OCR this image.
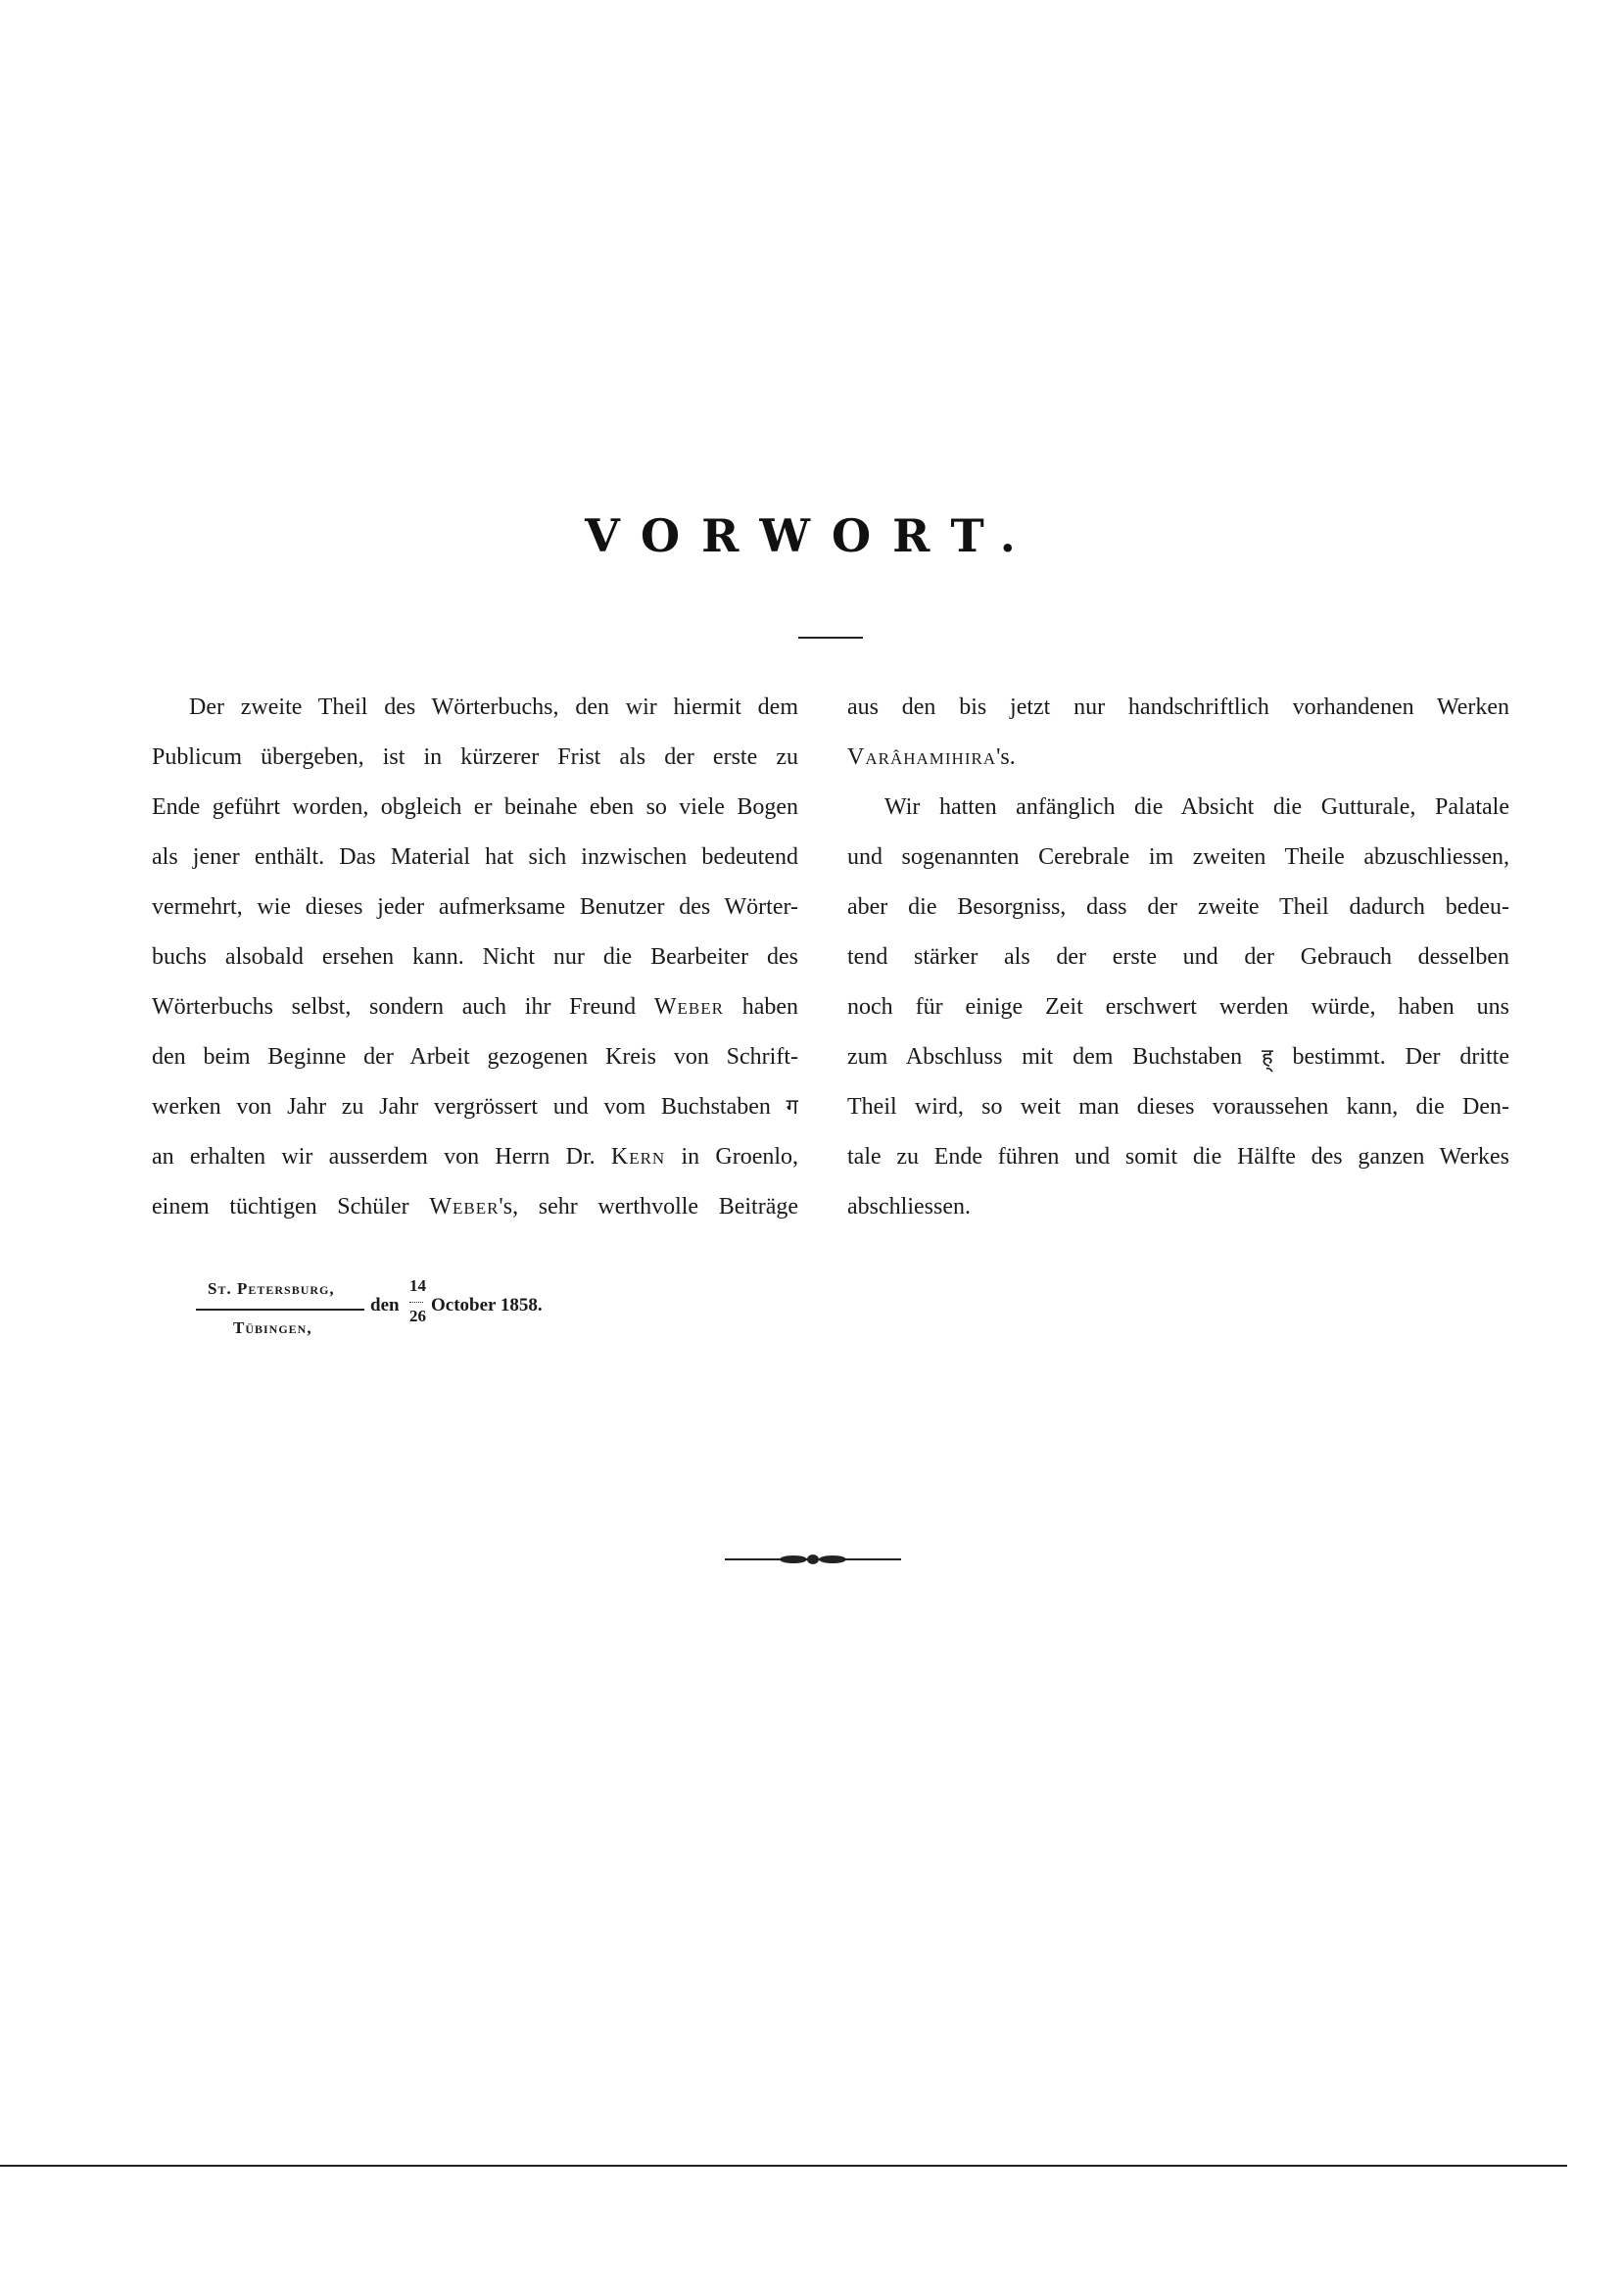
VORWORT.
Der zweite Theil des Wörterbuchs, den wir hiermit dem
Publicum übergeben, ist in kürzerer Frist als der erste zu
Ende geführt worden, obgleich er beinahe eben so viele Bogen
als jener enthält. Das Material hat sich inzwischen bedeutend
vermehrt, wie dieses jeder aufmerksame Benutzer des Wörter-
buchs alsobald ersehen kann. Nicht nur die Bearbeiter des
Wörterbuchs selbst, sondern auch ihr Freund Weber haben
den beim Beginne der Arbeit gezogenen Kreis von Schrift-
werken von Jahr zu Jahr vergrössert und vom Buchstaben ग
an erhalten wir ausserdem von Herrn Dr. Kern in Groenlo,
einem tüchtigen Schüler Weber's, sehr werthvolle Beiträge
aus den bis jetzt nur handschriftlich vorhandenen Werken
Varâhamihira's.
Wir hatten anfänglich die Absicht die Gutturale, Palatale
und sogenannten Cerebrale im zweiten Theile abzuschliessen,
aber die Besorgniss, dass der zweite Theil dadurch bedeu-
tend stärker als der erste und der Gebrauch desselben
noch für einige Zeit erschwert werden würde, haben uns
zum Abschluss mit dem Buchstaben ह् bestimmt. Der dritte
Theil wird, so weit man dieses voraussehen kann, die Den-
tale zu Ende führen und somit die Hälfte des ganzen Werkes
abschliessen.
St. Petersburg,
Tübingen,
den
14
26
October 1858.
